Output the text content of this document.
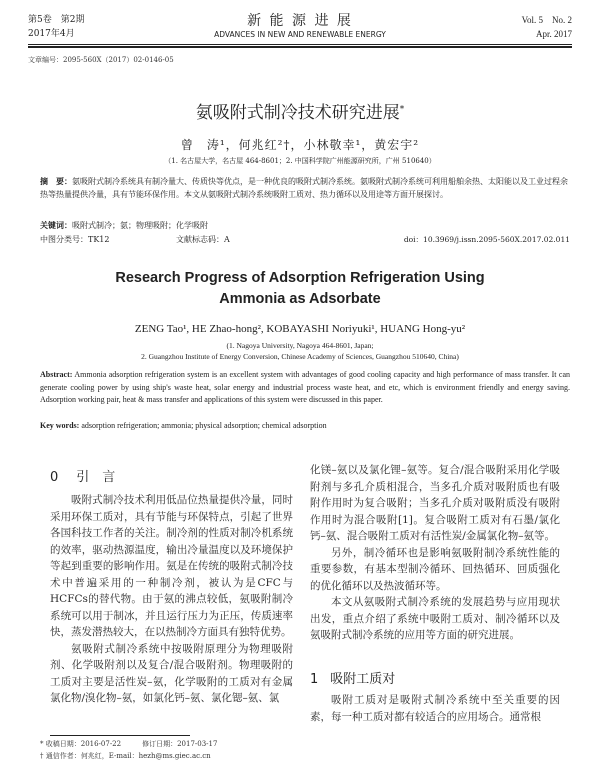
第5卷　第2期
2017年4月
新 能 源 进 展
ADVANCES IN NEW AND RENEWABLE ENERGY
Vol. 5　No. 2
Apr. 2017
文章编号：2095-560X（2017）02-0146-05
氨吸附式制冷技术研究进展*
曾　涛¹，何兆红²†，小林敬幸¹，黄宏宇²
（1. 名古屋大学，名古屋 464-8601；2. 中国科学院广州能源研究所，广州 510640）
摘　要：氨吸附式制冷系统具有制冷量大、传质快等优点，是一种优良的吸附式制冷系统。氨吸附式制冷系统可利用船舶余热、太阳能以及工业过程余热等热量提供冷量，具有节能环保作用。本文从氨吸附式制冷系统吸附工质对、热力循环以及用途等方面开展探讨。
关键词：吸附式制冷；氨；物理吸附；化学吸附
中图分类号：TK12	文献标志码：A	doi：10.3969/j.issn.2095-560X.2017.02.011
Research Progress of Adsorption Refrigeration Using
Ammonia as Adsorbate
ZENG Tao¹, HE Zhao-hong², KOBAYASHI Noriyuki¹, HUANG Hong-yu²
(1. Nagoya University, Nagoya 464-8601, Japan;
2. Guangzhou Institute of Energy Conversion, Chinese Academy of Sciences, Guangzhou 510640, China)
Abstract: Ammonia adsorption refrigeration system is an excellent system with advantages of good cooling capacity and high performance of mass transfer. It can generate cooling power by using ship's waste heat, solar energy and industrial process waste heat, and etc, which is environment friendly and energy saving. Adsorption working pair, heat & mass transfer and applications of this system were discussed in this paper.
Key words: adsorption refrigeration; ammonia; physical adsorption; chemical adsorption
0 引　言

吸附式制冷技术利用低品位热量提供冷量，同时采用环保工质对，具有节能与环保特点，引起了世界各国科技工作者的关注。制冷剂的性质对制冷机系统的效率，驱动热源温度，输出冷量温度以及环境保护等起到重要的影响作用。氨是在传统的吸附式制冷技术中普遍采用的一种制冷剂，被认为是CFC与HCFCs的替代物。由于氨的沸点较低，氨吸附制冷系统可以用于制冰，并且运行压力为正压，传质速率快，蒸发潜热较大，在以热制冷方面具有独特优势。

氨吸附式制冷系统中按吸附原理分为物理吸附剂、化学吸附剂以及复合/混合吸附剂。物理吸附的工质对主要是活性炭–氨，化学吸附的工质对有金属氯化物/溴化物–氨，如氯化钙–氨、氯化锶–氨、氯

化镁–氨以及氯化锂–氨等。复合/混合吸附采用化学吸附剂与多孔介质相混合，当多孔介质对吸附质也有吸附作用时为复合吸附；当多孔介质对吸附质没有吸附作用时为混合吸附[1]。复合吸附工质对有石墨/氯化钙–氨、混合吸附工质对有活性炭/金属氯化物–氨等。

另外，制冷循环也是影响氨吸附制冷系统性能的重要参数，有基本型制冷循环、回热循环、回质强化的优化循环以及热波循环等。

本文从氨吸附式制冷系统的发展趋势与应用现状出发，重点介绍了系统中吸附工质对、制冷循环以及氨吸附式制冷系统的应用等方面的研究进展。

1 吸附工质对

吸附工质对是吸附式制冷系统中至关重要的因素，每一种工质对都有较适合的应用场合。通常根

* 收稿日期：2016-07-22　　　修订日期：2017-03-17
† 通信作者：何兆红，E-mail：hezh@ms.giec.ac.cn
